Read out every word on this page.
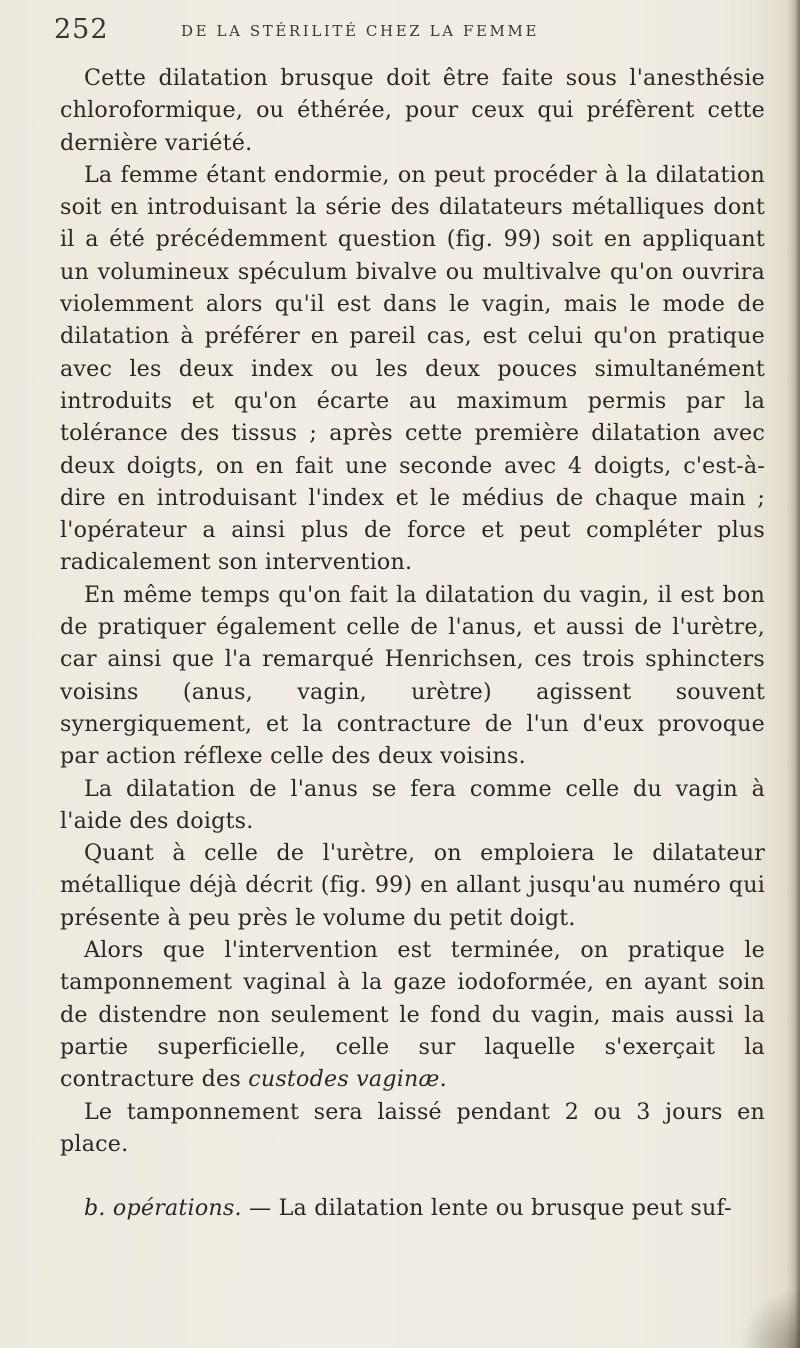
252	DE LA STÉRILITÉ CHEZ LA FEMME

Cette dilatation brusque doit être faite sous l'anesthésie chloroformique, ou éthérée, pour ceux qui préfèrent cette dernière variété.

La femme étant endormie, on peut procéder à la dilatation soit en introduisant la série des dilatateurs métalliques dont il a été précédemment question (fig. 99) soit en appliquant un volumineux spéculum bivalve ou multivalve qu'on ouvrira violemment alors qu'il est dans le vagin, mais le mode de dilatation à préférer en pareil cas, est celui qu'on pratique avec les deux index ou les deux pouces simultanément introduits et qu'on écarte au maximum permis par la tolérance des tissus ; après cette première dilatation avec deux doigts, on en fait une seconde avec 4 doigts, c'est-à-dire en introduisant l'index et le médius de chaque main ; l'opérateur a ainsi plus de force et peut compléter plus radicalement son intervention.

En même temps qu'on fait la dilatation du vagin, il est bon de pratiquer également celle de l'anus, et aussi de l'urètre, car ainsi que l'a remarqué Henrichsen, ces trois sphincters voisins (anus, vagin, urètre) agissent souvent synergiquement, et la contracture de l'un d'eux provoque par action réflexe celle des deux voisins.

La dilatation de l'anus se fera comme celle du vagin à l'aide des doigts.

Quant à celle de l'urètre, on emploiera le dilatateur métallique déjà décrit (fig. 99) en allant jusqu'au numéro qui présente à peu près le volume du petit doigt.

Alors que l'intervention est terminée, on pratique le tamponnement vaginal à la gaze iodoformée, en ayant soin de distendre non seulement le fond du vagin, mais aussi la partie superficielle, celle sur laquelle s'exerçait la contracture des custodes vaginæ.

Le tamponnement sera laissé pendant 2 ou 3 jours en place.

b. opérations. — La dilatation lente ou brusque peut suf-
